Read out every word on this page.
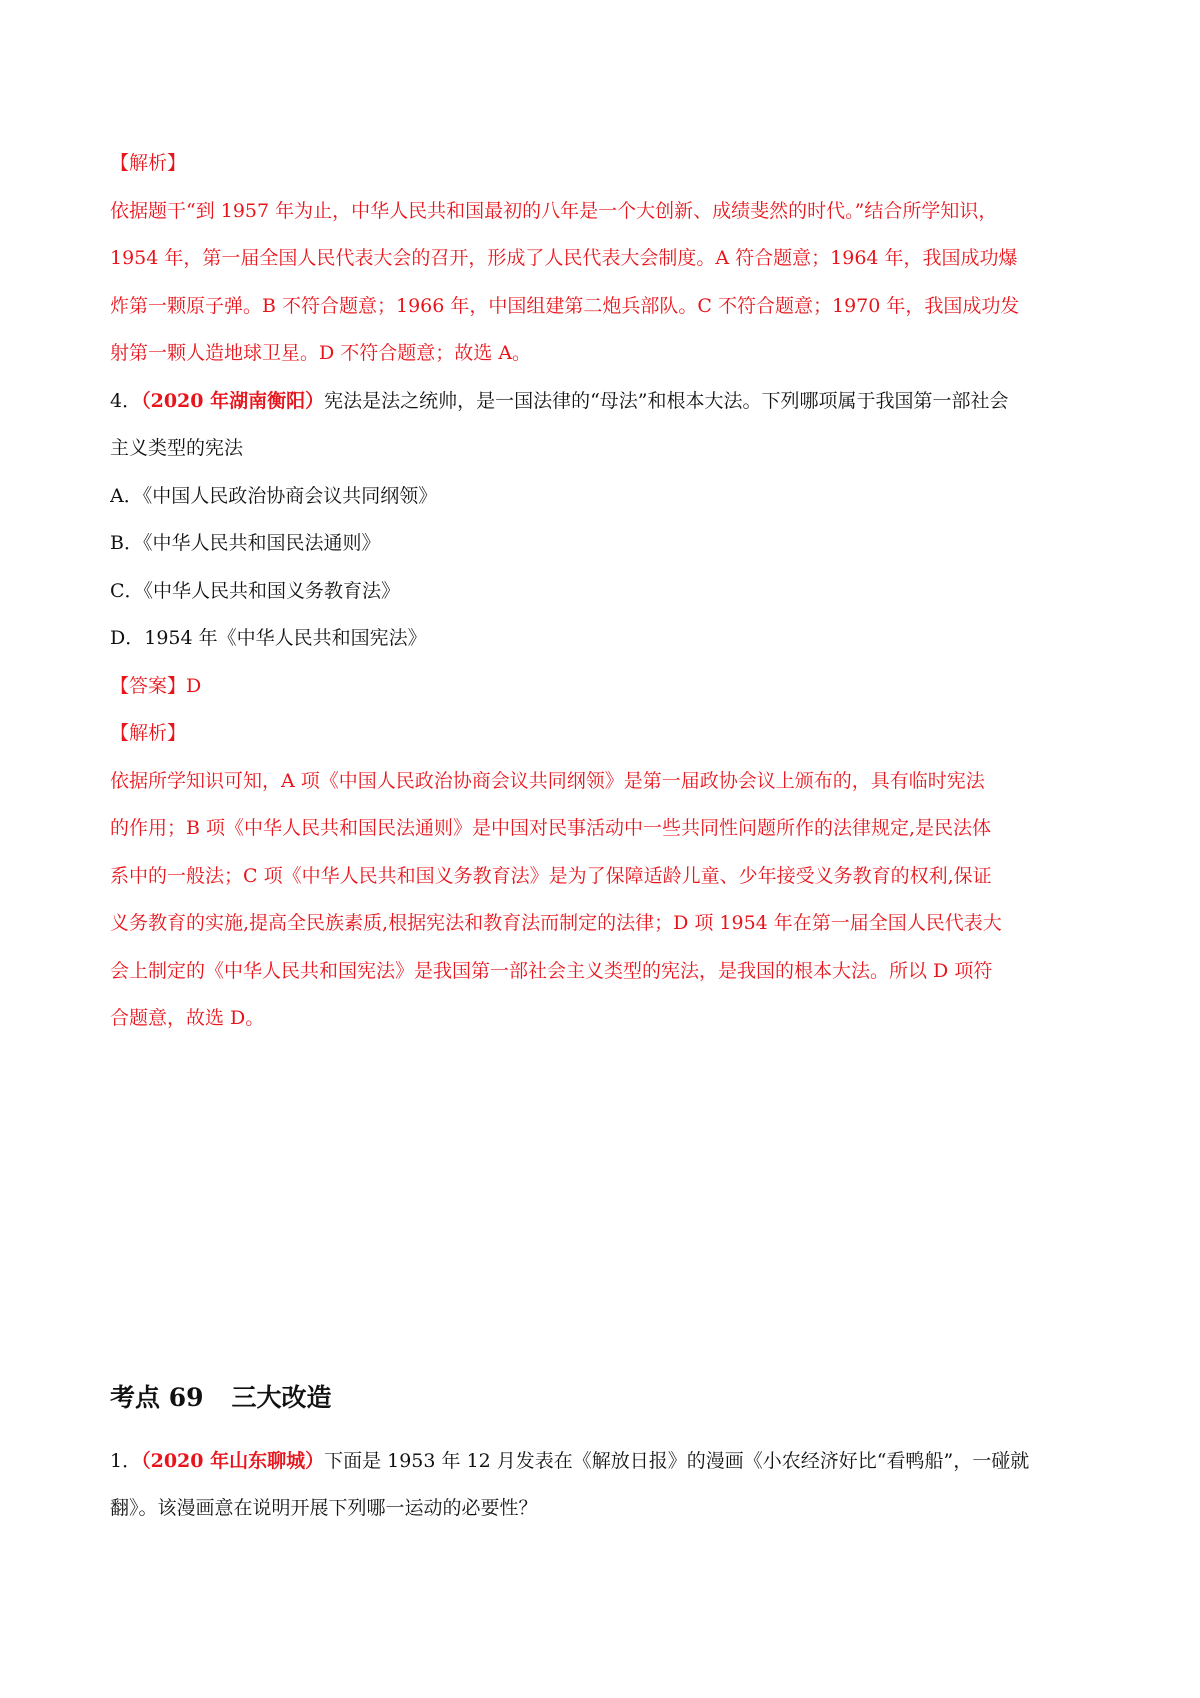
【解析】
依据题干“到 1957 年为止，中华人民共和国最初的八年是一个大创新、成绩斐然的时代。”结合所学知识，
1954 年，第一届全国人民代表大会的召开，形成了人民代表大会制度。A 符合题意；1964 年，我国成功爆
炸第一颗原子弹。B 不符合题意；1966 年，中国组建第二炮兵部队。C 不符合题意；1970 年，我国成功发
射第一颗人造地球卫星。D 不符合题意；故选 A。
4．（2020 年湖南衡阳）宪法是法之统帅，是一国法律的“母法”和根本大法。下列哪项属于我国第一部社会
主义类型的宪法
A．《中国人民政治协商会议共同纲领》
B．《中华人民共和国民法通则》
C．《中华人民共和国义务教育法》
D．1954 年《中华人民共和国宪法》
【答案】D
【解析】
依据所学知识可知，A 项《中国人民政治协商会议共同纲领》是第一届政协会议上颁布的，具有临时宪法
的作用；B 项《中华人民共和国民法通则》是中国对民事活动中一些共同性问题所作的法律规定,是民法体
系中的一般法；C 项《中华人民共和国义务教育法》是为了保障适龄儿童、少年接受义务教育的权利,保证
义务教育的实施,提高全民族素质,根据宪法和教育法而制定的法律；D 项 1954 年在第一届全国人民代表大
会上制定的《中华人民共和国宪法》是我国第一部社会主义类型的宪法，是我国的根本大法。所以 D 项符
合题意，故选 D。
考点 69 三大改造
1．（2020 年山东聊城）下面是 1953 年 12 月发表在《解放日报》的漫画《小农经济好比“看鸭船”，一碰就
翻》。该漫画意在说明开展下列哪一运动的必要性？
